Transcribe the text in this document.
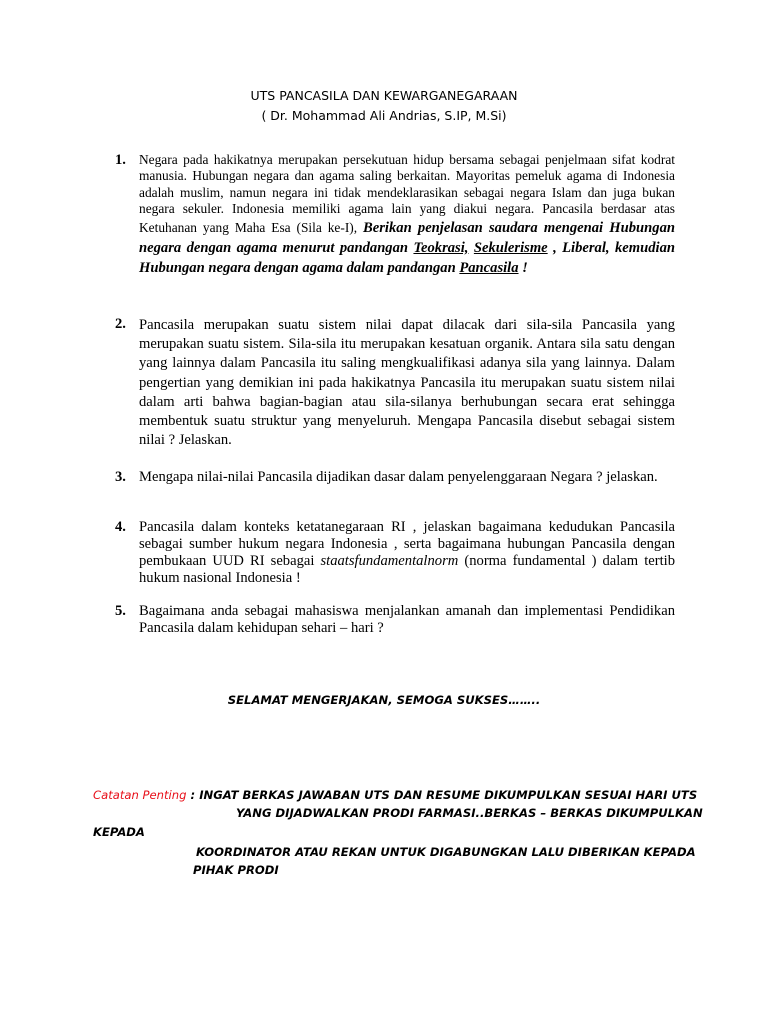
UTS PANCASILA DAN KEWARGANEGARAAN
( Dr. Mohammad Ali Andrias, S.IP, M.Si)
1. Negara pada hakikatnya merupakan persekutuan hidup bersama sebagai penjelmaan sifat kodrat manusia. Hubungan negara dan agama saling berkaitan. Mayoritas pemeluk agama di Indonesia adalah muslim, namun negara ini tidak mendeklarasikan sebagai negara Islam dan juga bukan negara sekuler. Indonesia memiliki agama lain yang diakui negara. Pancasila berdasar atas Ketuhanan yang Maha Esa (Sila ke-I), Berikan penjelasan saudara mengenai Hubungan negara dengan agama menurut pandangan Teokrasi, Sekulerisme , Liberal, kemudian Hubungan negara dengan agama dalam pandangan Pancasila !
2. Pancasila merupakan suatu sistem nilai dapat dilacak dari sila-sila Pancasila yang merupakan suatu sistem. Sila-sila itu merupakan kesatuan organik. Antara sila satu dengan yang lainnya dalam Pancasila itu saling mengkualifikasi adanya sila yang lainnya. Dalam pengertian yang demikian ini pada hakikatnya Pancasila itu merupakan suatu sistem nilai dalam arti bahwa bagian-bagian atau sila-silanya berhubungan secara erat sehingga membentuk suatu struktur yang menyeluruh. Mengapa Pancasila disebut sebagai sistem nilai ? Jelaskan.
3. Mengapa nilai-nilai Pancasila dijadikan dasar dalam penyelenggaraan Negara ? jelaskan.
4. Pancasila dalam konteks ketatanegaraan RI , jelaskan bagaimana kedudukan Pancasila sebagai sumber hukum negara Indonesia , serta bagaimana hubungan Pancasila dengan pembukaan UUD RI sebagai staatsfundamentalnorm (norma fundamental ) dalam tertib hukum nasional Indonesia !
5. Bagaimana anda sebagai mahasiswa menjalankan amanah dan implementasi Pendidikan Pancasila dalam kehidupan sehari – hari ?
SELAMAT MENGERJAKAN, SEMOGA SUKSES……..
Catatan Penting : INGAT BERKAS JAWABAN UTS DAN RESUME DIKUMPULKAN SESUAI HARI UTS
YANG DIJADWALKAN PRODI FARMASI..BERKAS – BERKAS DIKUMPULKAN
KEPADA
KOORDINATOR ATAU REKAN UNTUK DIGABUNGKAN LALU DIBERIKAN KEPADA
PIHAK PRODI
